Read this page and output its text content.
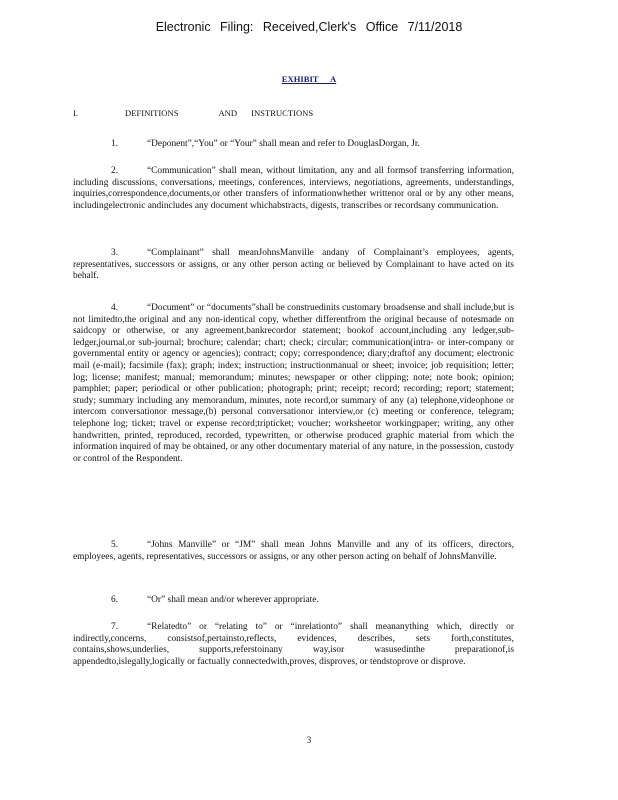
Electronic Filing: Received,Clerk's Office 7/11/2018
EXHIBIT A
I.	DEFINITIONS	AND INSTRUCTIONS
1.	“Deponent”,“You” or “Your” shall mean and refer to DouglasDorgan, Jr.
2.	“Communication” shall mean, without limitation, any and all formsof transferring information, including discussions, conversations, meetings, conferences, interviews, negotiations, agreements, understandings, inquiries,correspondence,documents,or other transfers of informationwhether writtenor oral or by any other means, includingelectronic andincludes any document whichabstracts, digests, transcribes or recordsany communication.
3.	“Complainant” shall meanJohnsManville andany of Complainant’s employees, agents, representatives, successors or assigns, or any other person acting or believed by Complainant to have acted on its behalf.
4.	“Document” or “documents”shall be construedinits customary broadsense and shall include,but is not limitedto,the original and any non-identical copy, whether differentfrom the original because of notesmade on saidcopy or otherwise, or any agreement,bankrecordor statement; bookof account,including any ledger,sub-ledger,journal,or sub-journal; brochure; calendar; chart; check; circular; communication(intra- or inter-company or governmental entity or agency or agencies); contract; copy; correspondence; diary;draftof any document; electronic mail (e-mail); facsimile (fax); graph; index; instruction; instructionmanual or sheet; invoice; job requisition; letter; log; license; manifest; manual; memorandum; minutes; newspaper or other clipping; note; note book; opinion; pamphlet; paper; periodical or other publication; photograph; print; receipt; record; recording; report; statement; study; summary including any memorandum, minutes, note record,or summary of any (a) telephone,videophone or intercom conversationor message,(b) personal conversationor interview,or (c) meeting or conference, telegram; telephone log; ticket; travel or expense record;tripticket; voucher; worksheetor workingpaper; writing, any other handwritten, printed, reproduced, recorded, typewritten, or otherwise produced graphic material from which the information inquired of may be obtained, or any other documentary material of any nature, in the possession, custody or control of the Respondent.
5.	“Johns Manville” or “JM” shall mean Johns Manville and any of its officers, directors, employees, agents, representatives, successors or assigns, or any other person acting on behalf of JohnsManville.
6.	“Or” shall mean and/or wherever appropriate.
7.	“Relatedto” or “relating to” or “inrelationto” shall meananything which, directly or indirectly,concerns, consistsof,pertainsto,reflects, evidences, describes, sets forth,constitutes, contains,shows,underlies, supports,referstoinany way,isor wasusedinthe preparationof,is appendedto,islegally,logically or factually connectedwith,proves, disproves, or tendstoprove or disprove.
3
